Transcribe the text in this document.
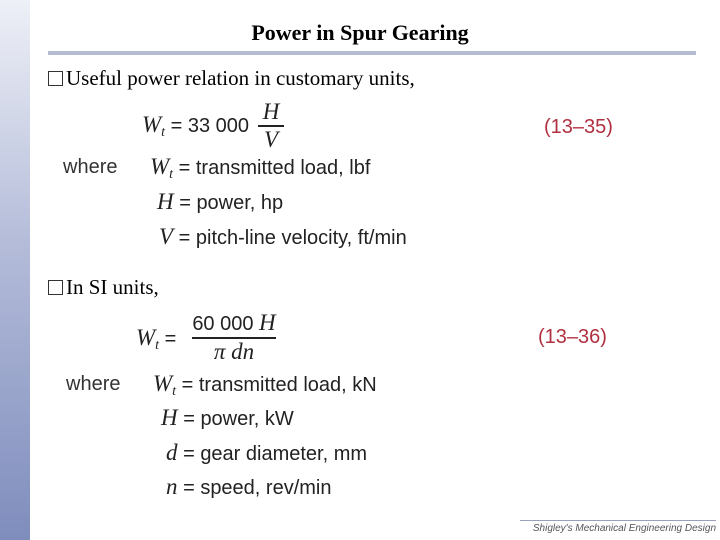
Power in Spur Gearing
Useful power relation in customary units,
$W_t = 33$ $000 \frac{H}{V}$	(13–35)
where $W_t$ = transmitted load, lbf
H = power, hp
V = pitch-line velocity, ft/min
In SI units,
$W_t = \frac{60 000 H}{\text{π dn}}$	(13–36)
where $W_t$ = transmitted load, kN
H = power, kW
d = gear diameter, mm
n = speed, rev/min
Shigley's Mechanical Engineering Design
